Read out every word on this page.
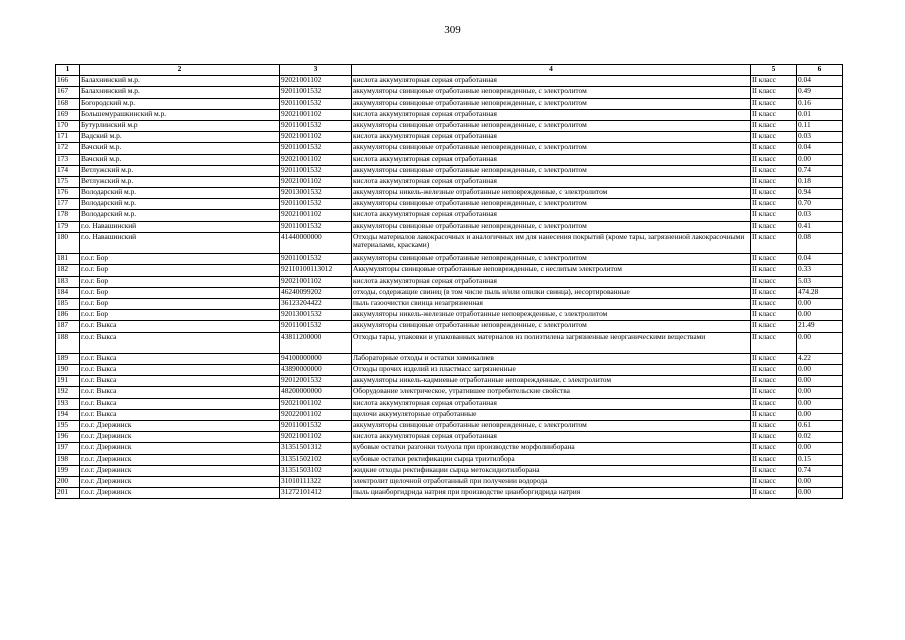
309
1	2	3	4	5	6
166	Балахнинский м.р.	92021001102	кислота аккумуляторная серная отработанная	II класс	0.04
167	Балахнинский м.р.	92011001532	аккумуляторы свинцовые отработанные неповрежденные, с электролитом	II класс	0.49
168	Богородский м.р.	92011001532	аккумуляторы свинцовые отработанные неповрежденные, с электролитом	II класс	0.16
169	Большемурашкинский м.р.	92021001102	кислота аккумуляторная серная отработанная	II класс	0.01
170	Бутурлинский м.р	92011001532	аккумуляторы свинцовые отработанные неповрежденные, с электролитом	II класс	0.11
171	Вадский м.р.	92021001102	кислота аккумуляторная серная отработанная	II класс	0.03
172	Вачский м.р.	92011001532	аккумуляторы свинцовые отработанные неповрежденные, с электролитом	II класс	0.04
173	Вачский м.р.	92021001102	кислота аккумуляторная серная отработанная	II класс	0.00
174	Ветлужский м.р.	92011001532	аккумуляторы свинцовые отработанные неповрежденные, с электролитом	II класс	0.74
175	Ветлужский м.р.	92021001102	кислота аккумуляторная серная отработанная	II класс	0.18
176	Володарский м.р.	92013001532	аккумуляторы никель-железные отработанные неповрежденные, с электролитом	II класс	0.94
177	Володарский м.р.	92011001532	аккумуляторы свинцовые отработанные неповрежденные, с электролитом	II класс	0.70
178	Володарский м.р.	92021001102	кислота аккумуляторная серная отработанная	II класс	0.03
179	г.о. Навашинский	92011001532	аккумуляторы свинцовые отработанные неповрежденные, с электролитом	II класс	0.41
180	г.о. Навашинский	41440000000	Отходы материалов лакокрасочных и аналогичных им для нанесения покрытий (кроме тары, загрязненной лакокрасочными материалами, красками)	II класс	0.08
181	г.о.г. Бор	92011001532	аккумуляторы свинцовые отработанные неповрежденные, с электролитом	II класс	0.04
182	г.о.г. Бор	92110100113012	Аккумуляторы свинцовые отработанные неповрежденные, с неслитым электролитом	II класс	0.33
183	г.о.г. Бор	92021001102	кислота аккумуляторная серная отработанная	II класс	5.03
184	г.о.г. Бор	46240099202	отходы, содержащие свинец (в том числе пыль и/или опилки свинца), несортированные	II класс	474.28
185	г.о.г. Бор	36123204422	пыль газоочистки свинца незагрязненная	II класс	0.00
186	г.о.г. Бор	92013001532	аккумуляторы никель-железные отработанные неповрежденные, с электролитом	II класс	0.00
187	г.о.г. Выкса	92011001532	аккумуляторы свинцовые отработанные неповрежденные, с электролитом	II класс	21.49
188	г.о.г. Выкса	43811200000	Отходы тары, упаковки и упакованных материалов из полиэтилена загрязненные неорганическими веществами	II класс	0.00
189	г.о.г. Выкса	94100000000	Лабораторные отходы и остатки химикалиев	II класс	4.22
190	г.о.г. Выкса	43890000000	Отходы прочих изделий из пластмасс загрязненные	II класс	0.00
191	г.о.г. Выкса	92012001532	аккумуляторы никель-кадмиевые отработанные неповрежденные, с электролитом	II класс	0.00
192	г.о.г. Выкса	48200000000	Оборудование электрическое, утратившее потребительские свойства	II класс	0.00
193	г.о.г. Выкса	92021001102	кислота аккумуляторная серная отработанная	II класс	0.00
194	г.о.г. Выкса	92022001102	щелочи аккумуляторные отработанные	II класс	0.00
195	г.о.г. Дзержинск	92011001532	аккумуляторы свинцовые отработанные неповрежденные, с электролитом	II класс	0.61
196	г.о.г. Дзержинск	92021001102	кислота аккумуляторная серная отработанная	II класс	0.02
197	г.о.г. Дзержинск	31351501312	кубовые остатки разгонки толуола при производстве морфолинборана	II класс	0.00
198	г.о.г. Дзержинск	31351502102	кубовые остатки ректификации сырца триэтилбора	II класс	0.15
199	г.о.г. Дзержинск	31351503102	жидкие отходы ректификации сырца метоксидиэтилборана	II класс	0.74
200	г.о.г. Дзержинск	31010111322	электролит щелочной отработанный при получении водорода	II класс	0.00
201	г.о.г. Дзержинск	31272101412	пыль цианборгидрида натрия при производстве цианборгидрида натрия	II класс	0.00
